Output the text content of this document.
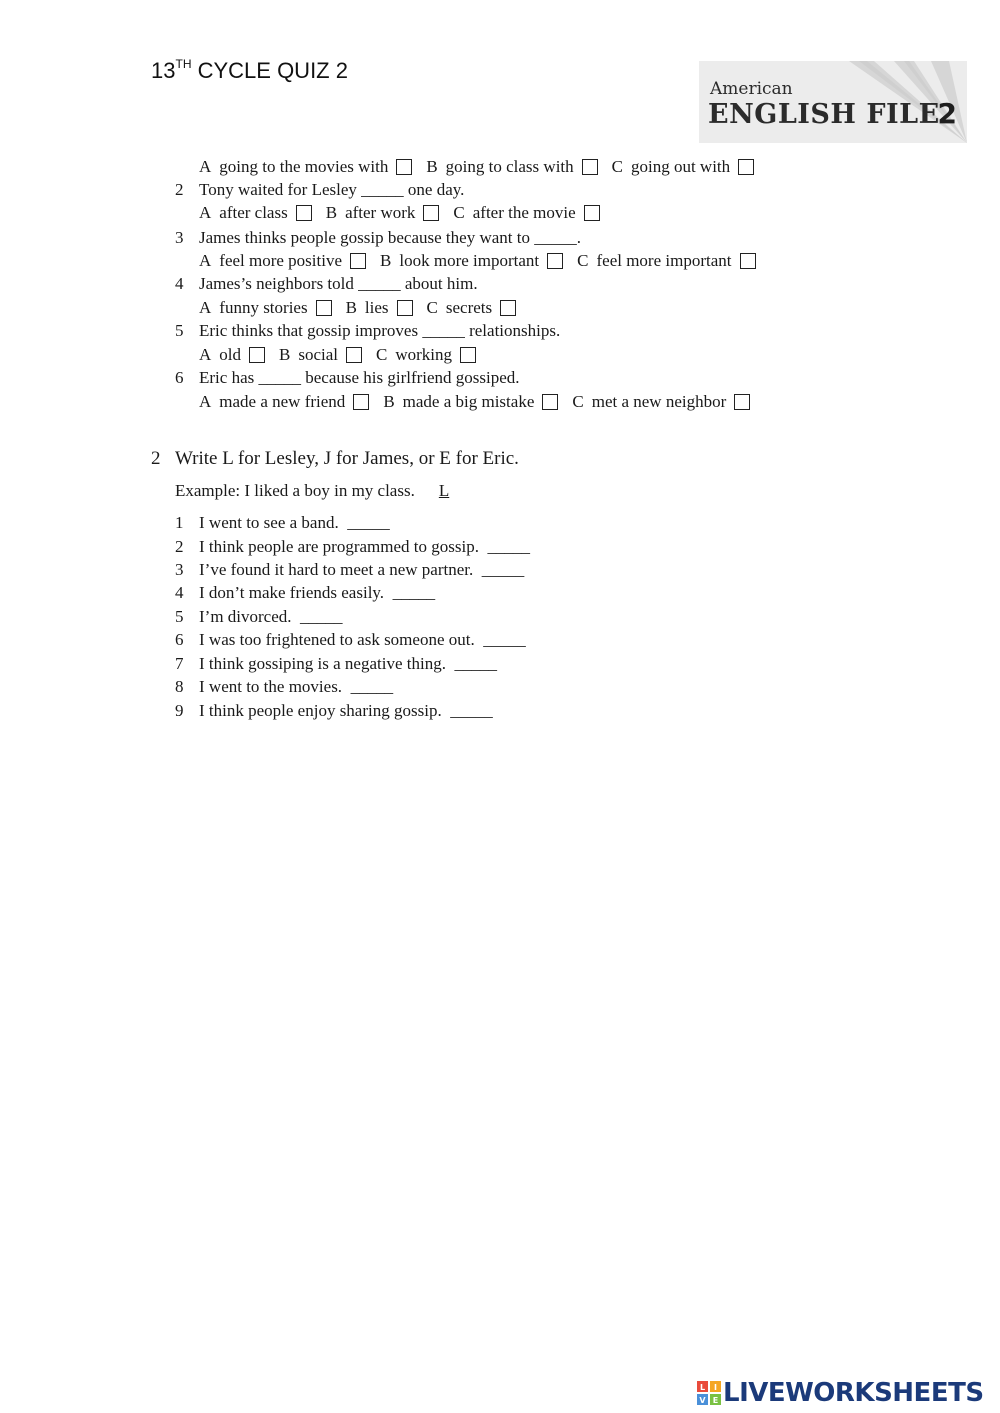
13TH CYCLE QUIZ 2
American
ENGLISH FILE
2
A going to the movies with B going to class with C going out with
2 Tony waited for Lesley _____ one day.
A after class B after work C after the movie
3 James thinks people gossip because they want to _____.
A feel more positive B look more important C feel more important
4 James’s neighbors told _____ about him.
A funny stories B lies C secrets
5 Eric thinks that gossip improves _____ relationships.
A old B social C working
6 Eric has _____ because his girlfriend gossiped.
A made a new friend B made a big mistake C met a new neighbor
2 Write L for Lesley, J for James, or E for Eric.
Example: I liked a boy in my class. L
1 I went to see a band.
_____
2 I think people are programmed to gossip.
_____
3 I’ve found it hard to meet a new partner.
_____
4 I don’t make friends easily.
_____
5 I’m divorced.
_____
6 I was too frightened to ask someone out.
_____
7 I think gossiping is a negative thing.
_____
8 I went to the movies.
_____
9 I think people enjoy sharing gossip.
_____
L I
V E LIVEWORKSHEETS
